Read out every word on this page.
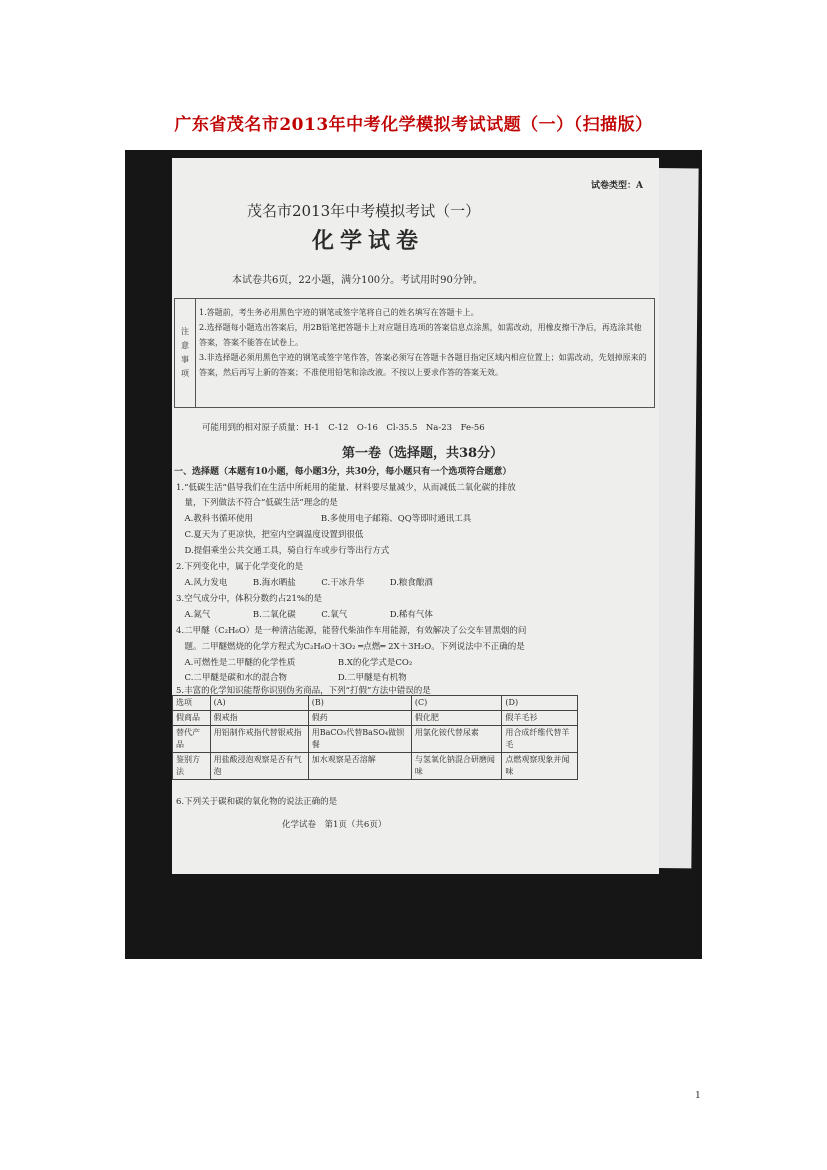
广东省茂名市2013年中考化学模拟考试试题（一）（扫描版）
试卷类型：A
茂名市2013年中考模拟考试（一）
化学试卷
本试卷共6页，22小题，满分100分。考试用时90分钟。
注
意
事
项
1.答题前，考生务必用黑色字迹的钢笔或签字笔将自己的姓名填写在答题卡上。
2.选择题每小题选出答案后，用2B铅笔把答题卡上对应题目选项的答案信息点涂黑，如需改动，用橡皮擦干净后，再选涂其他答案，答案不能答在试卷上。
3.非选择题必须用黑色字迹的钢笔或签字笔作答，答案必须写在答题卡各题目指定区域内相应位置上；如需改动，先划掉原来的答案，然后再写上新的答案；不准使用铅笔和涂改液。不按以上要求作答的答案无效。
可能用到的相对原子质量：H-1　C-12　O-16　Cl-35.5　Na-23　Fe-56
第一卷（选择题，共38分）
一、选择题（本题有10小题，每小题3分，共30分，每小题只有一个选项符合题意）
1.“低碳生活”倡导我们在生活中所耗用的能量、材料要尽量减少，从而减低二氧化碳的排放
　量，下列做法不符合“低碳生活”理念的是
　A.教科书循环使用　　　　　　　　B.多使用电子邮箱、QQ等即时通讯工具
　C.夏天为了更凉快，把室内空调温度设置到很低
　D.提倡乘坐公共交通工具，骑自行车或步行等出行方式
2.下列变化中，属于化学变化的是
　A.风力发电　　　B.海水晒盐　　　C.干冰升华　　　D.粮食酿酒
3.空气成分中，体积分数约占21%的是
　A.氮气　　　　　B.二氧化碳　　　C.氧气　　　　　D.稀有气体
4.二甲醚（C₂H₆O）是一种清洁能源，能替代柴油作车用能源，有效解决了公交车冒黑烟的问
　题。二甲醚燃烧的化学方程式为C₂H₆O＋3O₂ ═点燃═ 2X＋3H₂O。下列说法中不正确的是
　A.可燃性是二甲醚的化学性质　　　　　B.X的化学式是CO₂
　C.二甲醚是碳和水的混合物　　　　　　D.二甲醚是有机物
5.丰富的化学知识能帮你识别伪劣商品，下列“打假”方法中错误的是
选项	(A)	(B)	(C)	(D)
假商品	假戒指	假药	假化肥	假羊毛衫
替代产品	用铝制作戒指代替银戒指	用BaCO₃代替BaSO₄做钡餐	用氯化铵代替尿素	用合成纤维代替羊毛
鉴别方法	用盐酸浸泡观察是否有气泡	加水观察是否溶解	与氢氧化钠混合研磨闻味	点燃观察现象并闻味
6.下列关于碳和碳的氧化物的说法正确的是
化学试卷　第1页（共6页）
1
